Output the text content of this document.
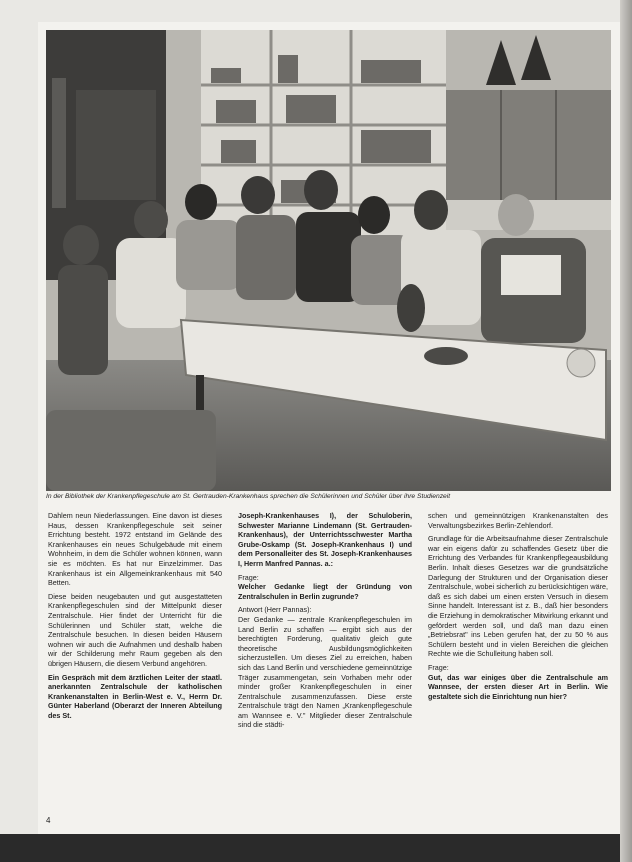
In der Bibliothek der Krankenpflegeschule am St. Gertrauden-Krankenhaus sprechen die Schülerinnen und Schüler über ihre Studienzeit

Dahlem neun Niederlassungen. Eine davon ist dieses Haus, dessen Krankenpflegeschule seit seiner Errichtung besteht. 1972 entstand im Gelände des Krankenhauses ein neues Schulgebäude mit einem Wohnheim, in dem die Schüler wohnen können, wann sie es möchten. Es hat nur Einzelzimmer. Das Krankenhaus ist ein Allgemeinkrankenhaus mit 540 Betten.

Diese beiden neugebauten und gut ausgestatteten Krankenpflegeschulen sind der Mittelpunkt dieser Zentralschule. Hier findet der Unterricht für die Schülerinnen und Schüler statt, welche die Zentralschule besuchen. In diesen beiden Häusern wohnen wir auch die Aufnahmen und deshalb haben wir der Schilderung mehr Raum gegeben als den übrigen Häusern, die diesem Verbund angehören.

Ein Gespräch mit dem ärztlichen Leiter der staatl. anerkannten Zentralschule der katholischen Krankenanstalten in Berlin-West e. V., Herrn Dr. Günter Haberland (Oberarzt der Inneren Abteilung des St.

Joseph-Krankenhauses I), der Schuloberin, Schwester Marianne Lindemann (St. Gertrauden-Krankenhaus), der Unterrichtsschwester Martha Grube-Oskamp (St. Joseph-Krankenhaus I) und dem Personalleiter des St. Joseph-Krankenhauses I, Herrn Manfred Pannas. a.:

Frage:

Welcher Gedanke liegt der Gründung von Zentralschulen in Berlin zugrunde?

Antwort (Herr Pannas):

Der Gedanke — zentrale Krankenpflegeschulen im Land Berlin zu schaffen — ergibt sich aus der berechtigten Forderung, qualitativ gleich gute theoretische Ausbildungsmöglichkeiten sicherzustellen. Um dieses Ziel zu erreichen, haben sich das Land Berlin und verschiedene gemeinnützige Träger zusammengetan, sein Vorhaben mehr oder minder großer Krankenpflegeschulen in einer Zentralschule zusammenzufassen. Diese erste Zentralschule trägt den Namen „Krankenpflegeschule am Wannsee e. V." Mitglieder dieser Zentralschule sind die städti-

schen und gemeinnützigen Krankenanstalten des Verwaltungsbezirkes Berlin-Zehlendorf.

Grundlage für die Arbeitsaufnahme dieser Zentralschule war ein eigens dafür zu schaffendes Gesetz über die Errichtung des Verbandes für Krankenpflegeausbildung Berlin. Inhalt dieses Gesetzes war die grundsätzliche Darlegung der Strukturen und der Organisation dieser Zentralschule, wobei sicherlich zu berücksichtigen wäre, daß es sich dabei um einen ersten Versuch in diesem Sinne handelt. Interessant ist z. B., daß hier besonders die Erziehung in demokratischer Mitwirkung erkannt und gefördert werden soll, und daß man dazu einen „Betriebsrat" ins Leben gerufen hat, der zu 50 % aus Schülern besteht und in vielen Bereichen die gleichen Rechte wie die Schulleitung haben soll.

Frage:

Gut, das war einiges über die Zentralschule am Wannsee, der ersten dieser Art in Berlin. Wie gestaltete sich die Einrichtung nun hier?

4
